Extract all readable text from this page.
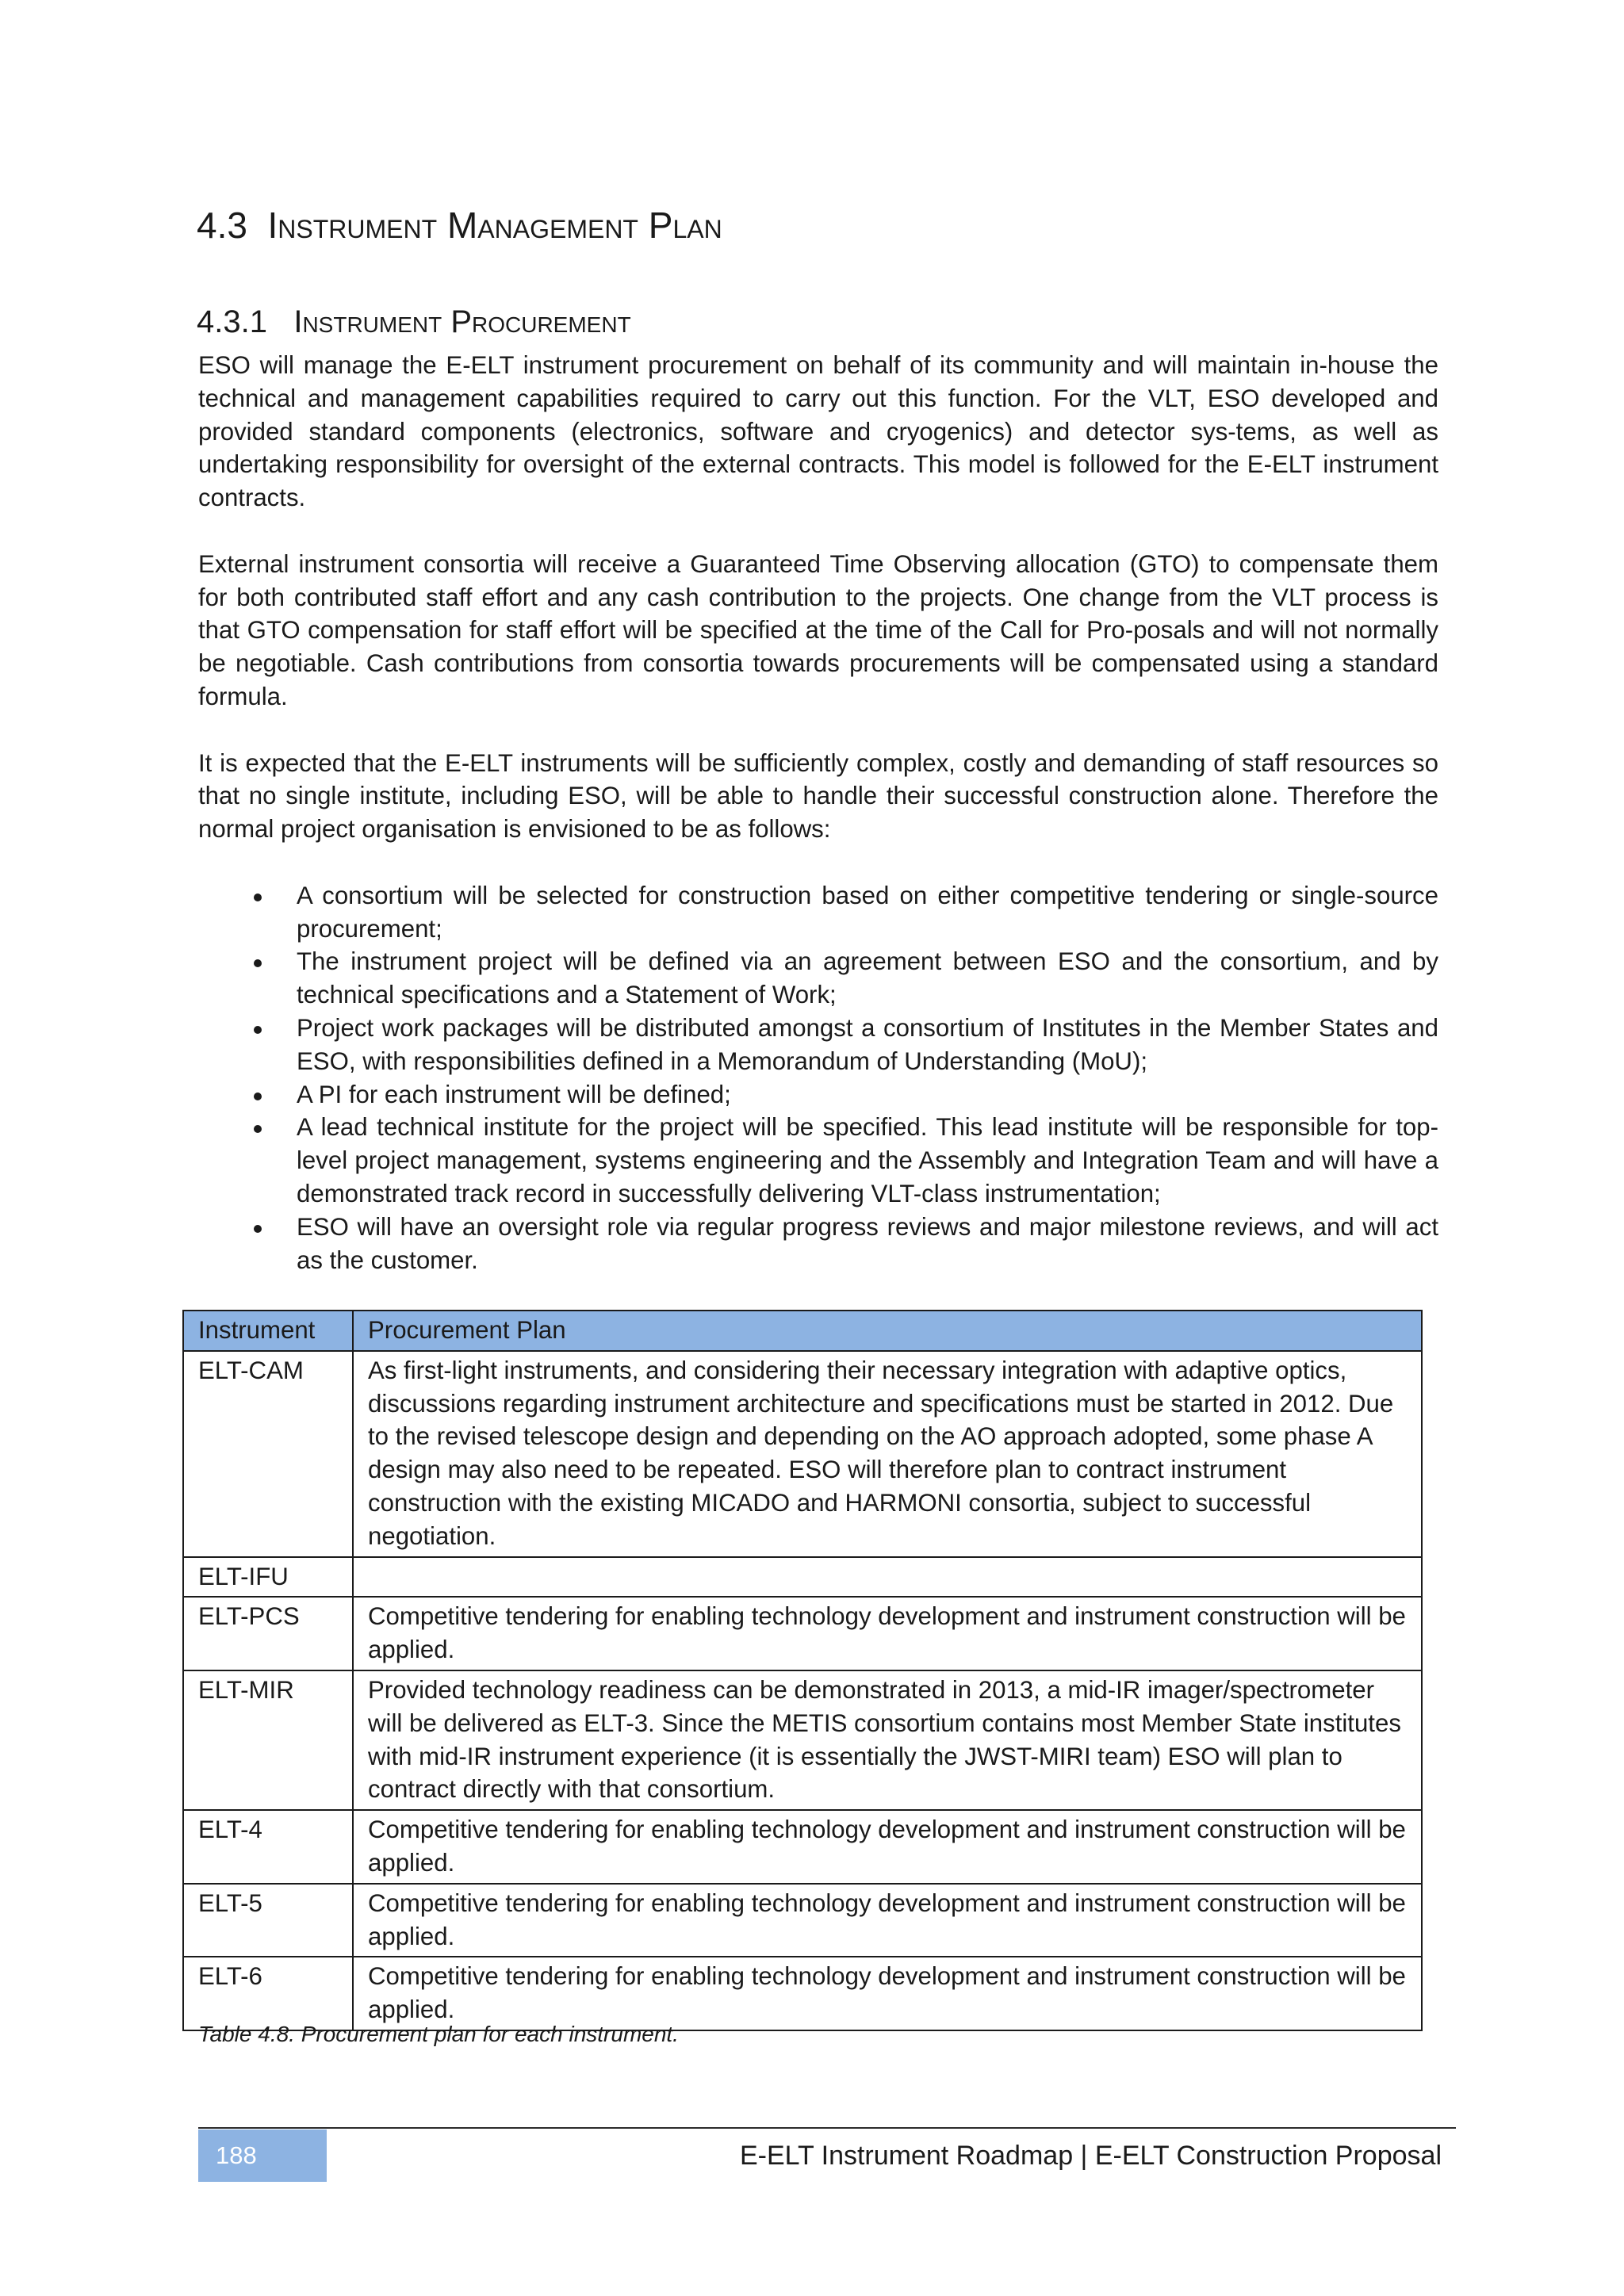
4.3 Instrument Management Plan
4.3.1 Instrument Procurement

ESO will manage the E-ELT instrument procurement on behalf of its community and will maintain in-house the technical and management capabilities required to carry out this function. For the VLT, ESO developed and provided standard components (electronics, software and cryogenics) and detector sys-tems, as well as undertaking responsibility for oversight of the external contracts. This model is followed for the E-ELT instrument contracts.

External instrument consortia will receive a Guaranteed Time Observing allocation (GTO) to compensate them for both contributed staff effort and any cash contribution to the projects. One change from the VLT process is that GTO compensation for staff effort will be specified at the time of the Call for Pro-posals and will not normally be negotiable. Cash contributions from consortia towards procurements will be compensated using a standard formula.

It is expected that the E-ELT instruments will be sufficiently complex, costly and demanding of staff resources so that no single institute, including ESO, will be able to handle their successful construction alone. Therefore the normal project organisation is envisioned to be as follows:

A consortium will be selected for construction based on either competitive tendering or single-source procurement;
The instrument project will be defined via an agreement between ESO and the consortium, and by technical specifications and a Statement of Work;
Project work packages will be distributed amongst a consortium of Institutes in the Member States and ESO, with responsibilities defined in a Memorandum of Understanding (MoU);
A PI for each instrument will be defined;
A lead technical institute for the project will be specified. This lead institute will be responsible for top-level project management, systems engineering and the Assembly and Integration Team and will have a demonstrated track record in successfully delivering VLT-class instrumentation;
ESO will have an oversight role via regular progress reviews and major milestone reviews, and will act as the customer.
Instrument	Procurement Plan
ELT-CAM	As first-light instruments, and considering their necessary integration with adaptive optics, discussions regarding instrument architecture and specifications must be started in 2012. Due to the revised telescope design and depending on the AO approach adopted, some phase A design may also need to be repeated. ESO will therefore plan to contract instrument construction with the existing MICADO and HARMONI consortia, subject to successful negotiation.
ELT-IFU	
ELT-PCS	Competitive tendering for enabling technology development and instrument construction will be applied.
ELT-MIR	Provided technology readiness can be demonstrated in 2013, a mid-IR imager/spectrometer will be delivered as ELT-3. Since the METIS consortium contains most Member State institutes with mid-IR instrument experience (it is essentially the JWST-MIRI team) ESO will plan to contract directly with that consortium.
ELT-4	Competitive tendering for enabling technology development and instrument construction will be applied.
ELT-5	Competitive tendering for enabling technology development and instrument construction will be applied.
ELT-6	Competitive tendering for enabling technology development and instrument construction will be applied.
Table 4.8. Procurement plan for each instrument.
188	E-ELT Instrument Roadmap | E-ELT Construction Proposal
